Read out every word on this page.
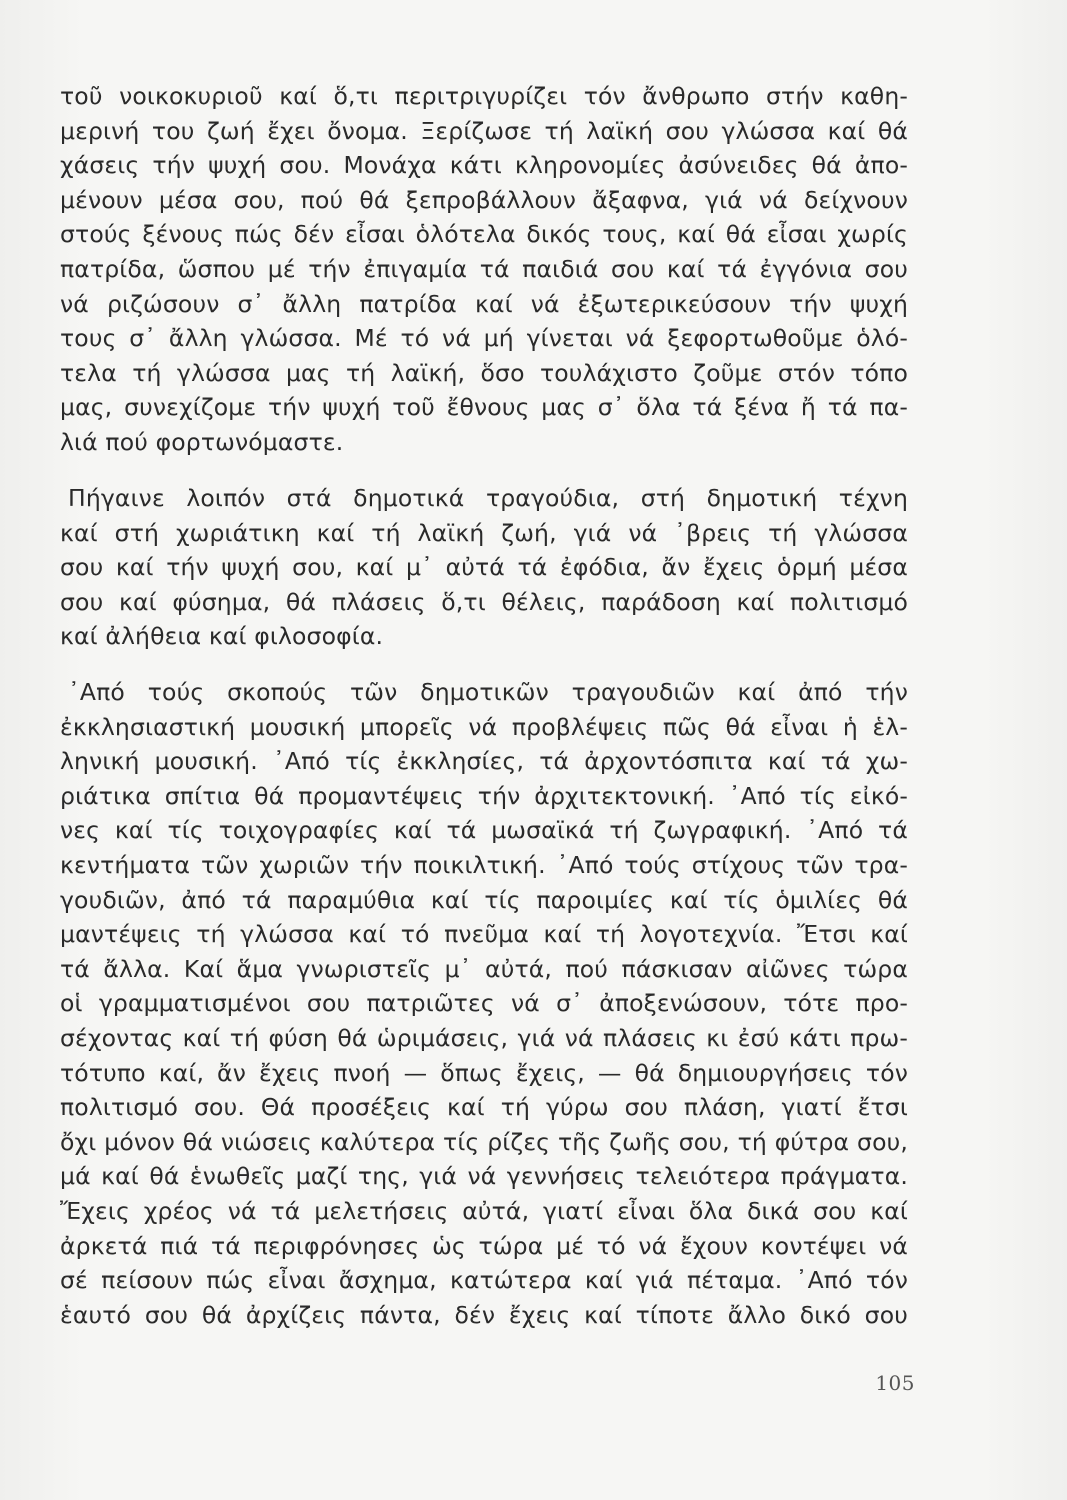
τοῦ νοικοκυριοῦ καί ὅ,τι περιτριγυρίζει τόν ἄνθρωπο στήν καθη-
μερινή του ζωή ἔχει ὄνομα. Ξερίζωσε τή λαϊκή σου γλώσσα καί θά
χάσεις τήν ψυχή σου. Μονάχα κάτι κληρονομίες ἀσύνειδες θά ἀπο-
μένουν μέσα σου, πού θά ξεπροβάλλουν ἄξαφνα, γιά νά δείχνουν
στούς ξένους πώς δέν εἶσαι ὁλότελα δικός τους, καί θά εἶσαι χωρίς
πατρίδα, ὥσπου μέ τήν ἐπιγαμία τά παιδιά σου καί τά ἐγγόνια σου
νά ριζώσουν σ᾿ ἄλλη πατρίδα καί νά ἐξωτερικεύσουν τήν ψυχή
τους σ᾿ ἄλλη γλώσσα. Μέ τό νά μή γίνεται νά ξεφορτωθοῦμε ὁλό-
τελα τή γλώσσα μας τή λαϊκή, ὅσο τουλάχιστο ζοῦμε στόν τόπο
μας, συνεχίζομε τήν ψυχή τοῦ ἔθνους μας σ᾿ ὅλα τά ξένα ἤ τά πα-
λιά πού φορτωνόμαστε.
Πήγαινε λοιπόν στά δημοτικά τραγούδια, στή δημοτική τέχνη
καί στή χωριάτικη καί τή λαϊκή ζωή, γιά νά ᾿βρεις τή γλώσσα
σου καί τήν ψυχή σου, καί μ᾿ αὐτά τά ἐφόδια, ἄν ἔχεις ὁρμή μέσα
σου καί φύσημα, θά πλάσεις ὅ,τι θέλεις, παράδοση καί πολιτισμό
καί ἀλήθεια καί φιλοσοφία.
᾿Από τούς σκοπούς τῶν δημοτικῶν τραγουδιῶν καί ἀπό τήν
ἐκκλησιαστική μουσική μπορεῖς νά προβλέψεις πῶς θά εἶναι ἡ ἑλ-
ληνική μουσική. ᾿Από τίς ἐκκλησίες, τά ἀρχοντόσπιτα καί τά χω-
ριάτικα σπίτια θά προμαντέψεις τήν ἀρχιτεκτονική. ᾿Από τίς εἰκό-
νες καί τίς τοιχογραφίες καί τά μωσαϊκά τή ζωγραφική. ᾿Από τά
κεντήματα τῶν χωριῶν τήν ποικιλτική. ᾿Από τούς στίχους τῶν τρα-
γουδιῶν, ἀπό τά παραμύθια καί τίς παροιμίες καί τίς ὁμιλίες θά
μαντέψεις τή γλώσσα καί τό πνεῦμα καί τή λογοτεχνία. Ἔτσι καί
τά ἄλλα. Καί ἅμα γνωριστεῖς μ᾿ αὐτά, πού πάσκισαν αἰῶνες τώρα
οἱ γραμματισμένοι σου πατριῶτες νά σ᾿ ἀποξενώσουν, τότε προ-
σέχοντας καί τή φύση θά ὡριμάσεις, γιά νά πλάσεις κι ἐσύ κάτι πρω-
τότυπο καί, ἄν ἔχεις πνοή — ὅπως ἔχεις, — θά δημιουργήσεις τόν
πολιτισμό σου. Θά προσέξεις καί τή γύρω σου πλάση, γιατί ἔτσι
ὄχι μόνον θά νιώσεις καλύτερα τίς ρίζες τῆς ζωῆς σου, τή φύτρα σου,
μά καί θά ἑνωθεῖς μαζί της, γιά νά γεννήσεις τελειότερα πράγματα.
Ἔχεις χρέος νά τά μελετήσεις αὐτά, γιατί εἶναι ὅλα δικά σου καί
ἀρκετά πιά τά περιφρόνησες ὡς τώρα μέ τό νά ἔχουν κοντέψει νά
σέ πείσουν πώς εἶναι ἄσχημα, κατώτερα καί γιά πέταμα. ᾿Από τόν
ἑαυτό σου θά ἀρχίζεις πάντα, δέν ἔχεις καί τίποτε ἄλλο δικό σου
105
